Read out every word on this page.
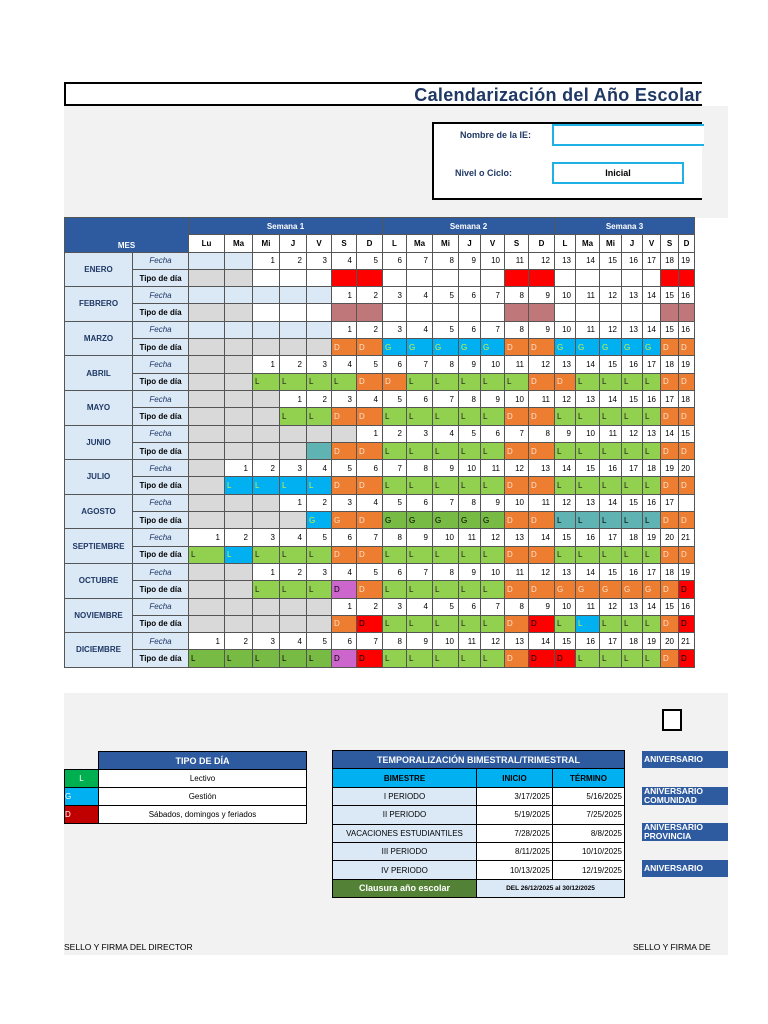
Calendarización del Año Escolar
Nombre de la IE:
Nivel o Ciclo:	Inicial
MES		Semana 1							Semana 2							Semana 3						
		Lu	Ma	Mi	J	V	S	D	L	Ma	Mi	J	V	S	D	L	Ma	Mi	J	V	S	D
ENERO	Fecha			1	2	3	4	5	6	7	8	9	10	11	12	13	14	15	16	17	18	19
	Tipo de día																					
FEBRERO	Fecha						1	2	3	4	5	6	7	8	9	10	11	12	13	14	15	16
	Tipo de día																					
MARZO	Fecha						1	2	3	4	5	6	7	8	9	10	11	12	13	14	15	16
	Tipo de día						D	D	G	G	G	G	G	D	D	G	G	G	G	G	D	D
ABRIL	Fecha			1	2	3	4	5	6	7	8	9	10	11	12	13	14	15	16	17	18	19
	Tipo de día			L	L	L	L	D	D	L	L	L	L	L	D	D	L	L	L	L	D	D
MAYO	Fecha				1	2	3	4	5	6	7	8	9	10	11	12	13	14	15	16	17	18
	Tipo de día				L	L	D	D	L	L	L	L	L	D	D	L	L	L	L	L	D	D
JUNIO	Fecha							1	2	3	4	5	6	7	8	9	10	11	12	13	14	15
	Tipo de día						D	D	L	L	L	L	L	D	D	L	L	L	L	L	D	D
JULIO	Fecha		1	2	3	4	5	6	7	8	9	10	11	12	13	14	15	16	17	18	19	20
	Tipo de día		L	L	L	L	D	D	L	L	L	L	L	D	D	L	L	L	L	L	D	D
AGOSTO	Fecha				1	2	3	4	5	6	7	8	9	10	11	12	13	14	15	16	17	
	Tipo de día					G	G	D	G	G	G	G	G	D	D	L	L	L	L	L	D	D
SEPTIEMBRE	Fecha	1	2	3	4	5	6	7	8	9	10	11	12	13	14	15	16	17	18	19	20	21
	Tipo de día	L	L	L	L	L	D	D	L	L	L	L	L	D	D	L	L	L	L	L	D	D
OCTUBRE	Fecha			1	2	3	4	5	6	7	8	9	10	11	12	13	14	15	16	17	18	19
	Tipo de día			L	L	L	D	D	L	L	L	L	L	D	D	G	G	G	G	G	D	D
NOVIEMBRE	Fecha						1	2	3	4	5	6	7	8	9	10	11	12	13	14	15	16
	Tipo de día						D	D	L	L	L	L	L	D	D	L	L	L	L	L	D	D
DICIEMBRE	Fecha	1	2	3	4	5	6	7	8	9	10	11	12	13	14	15	16	17	18	19	20	21
	Tipo de día	L	L	L	L	L	D	D	L	L	L	L	L	D	D	D	L	L	L	L	D	D
	TIPO DE DÍA
L	Lectivo
G	Gestión
D	Sábados, domingos y feriados
TEMPORALIZACIÓN BIMESTRAL/TRIMESTRAL		
BIMESTRE	INICIO	TÉRMINO
I PERIODO	3/17/2025	5/16/2025
II PERIODO	5/19/2025	7/25/2025
VACACIONES ESTUDIANTILES	7/28/2025	8/8/2025
III PERIODO	8/11/2025	10/10/2025
IV PERIODO	10/13/2025	12/19/2025
Clausura año escolar	DEL 26/12/2025 al 30/12/2025	
ANIVERSARIO
ANIVERSARIO COMUNIDAD
ANIVERSARIO PROVINCIA
ANIVERSARIO
SELLO Y FIRMA DEL DIRECTOR	SELLO Y FIRMA DE
